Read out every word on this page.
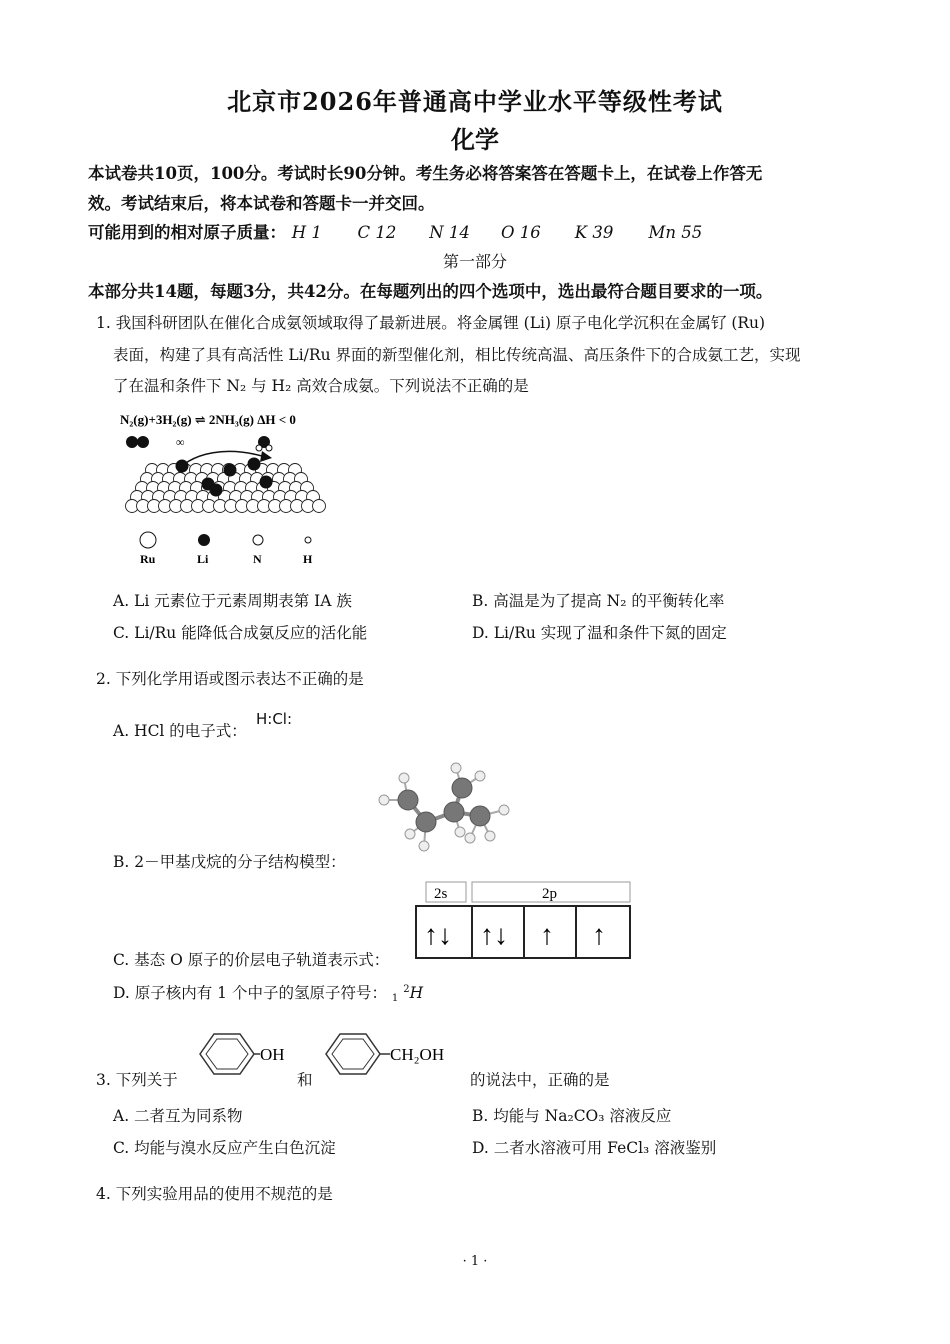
北京市2026年普通高中学业水平等级性考试
化学
本试卷共10页，100分。考试时长90分钟。考生务必将答案答在答题卡上，在试卷上作答无
效。考试结束后，将本试卷和答题卡一并交回。
可能用到的相对原子质量： H 1 C 12 N 14 O 16 K 39 Mn 55
第一部分
本部分共14题，每题3分，共42分。在每题列出的四个选项中，选出最符合题目要求的一项。
1. 我国科研团队在催化合成氨领域取得了最新进展。将金属锂 (Li) 原子电化学沉积在金属钌 (Ru)
表面，构建了具有高活性 Li/Ru 界面的新型催化剂，相比传统高温、高压条件下的合成氨工艺，实现
了在温和条件下 N₂ 与 H₂ 高效合成氨。下列说法不正确的是
N₂(g)+3H₂(g) ⇌ 2NH₃(g) ΔH < 0
∞
Ru	Li	N	H
A. Li 元素位于元素周期表第 IA 族	B. 高温是为了提高 N₂ 的平衡转化率
C. Li/Ru 能降低合成氨反应的活化能	D. Li/Ru 实现了温和条件下氮的固定
2. 下列化学用语或图示表达不正确的是
A. HCl 的电子式：
H:Cl:
B. 2－甲基戊烷的分子结构模型：
2s	2p
↑↓ ↑↓ ↑ ↑
C. 基态 O 原子的价层电子轨道表示式：
D. 原子核内有 1 个中子的氢原子符号： 1 $^2$H
3. 下列关于
OH
和
CH₂OH
的说法中，正确的是
A. 二者互为同系物	B. 均能与 Na₂CO₃ 溶液反应
C. 均能与溴水反应产生白色沉淀	D. 二者水溶液可用 FeCl₃ 溶液鉴别
4. 下列实验用品的使用不规范的是
· 1 ·
